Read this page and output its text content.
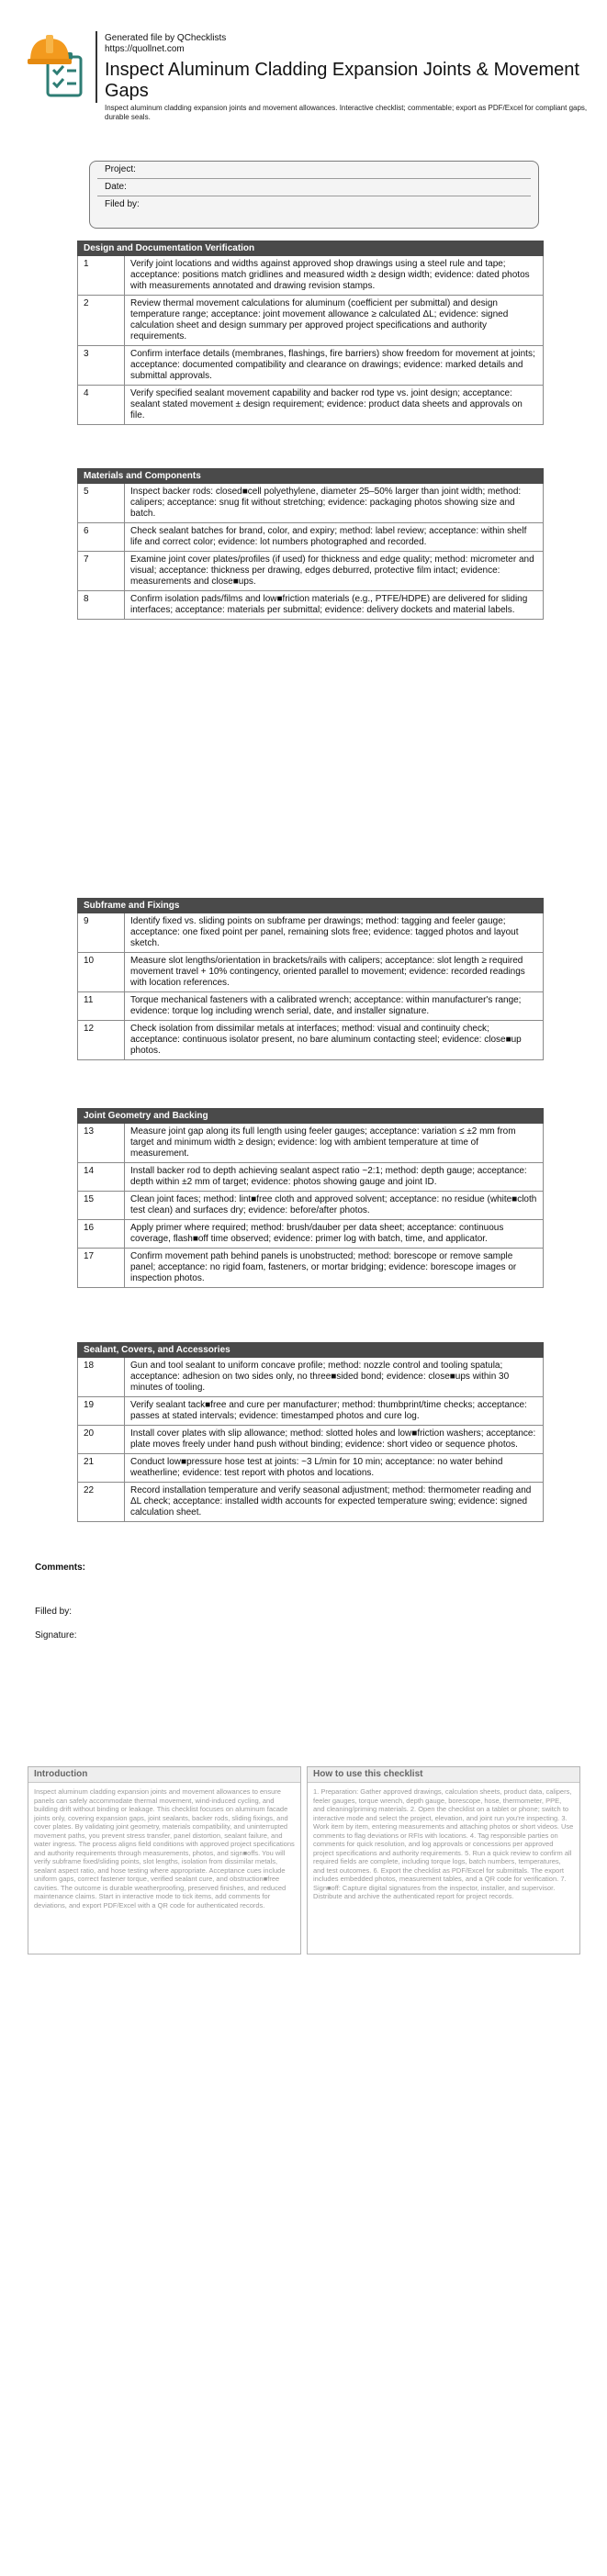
Generated file by QChecklists
https://quollnet.com
Inspect Aluminum Cladding Expansion Joints & Movement Gaps
Inspect aluminum cladding expansion joints and movement allowances. Interactive checklist; commentable; export as PDF/Excel for compliant gaps, durable seals.
Project:
Date:
Filed by:
Design and Documentation Verification
1	Verify joint locations and widths against approved shop drawings using a steel rule and tape; acceptance: positions match gridlines and measured width ≥ design width; evidence: dated photos with measurements annotated and drawing revision stamps.
2	Review thermal movement calculations for aluminum (coefficient per submittal) and design temperature range; acceptance: joint movement allowance ≥ calculated ΔL; evidence: signed calculation sheet and design summary per approved project specifications and authority requirements.
3	Confirm interface details (membranes, flashings, fire barriers) show freedom for movement at joints; acceptance: documented compatibility and clearance on drawings; evidence: marked details and submittal approvals.
4	Verify specified sealant movement capability and backer rod type vs. joint design; acceptance: sealant stated movement ± design requirement; evidence: product data sheets and approvals on file.
Materials and Components
5	Inspect backer rods: closed■cell polyethylene, diameter 25–50% larger than joint width; method: calipers; acceptance: snug fit without stretching; evidence: packaging photos showing size and batch.
6	Check sealant batches for brand, color, and expiry; method: label review; acceptance: within shelf life and correct color; evidence: lot numbers photographed and recorded.
7	Examine joint cover plates/profiles (if used) for thickness and edge quality; method: micrometer and visual; acceptance: thickness per drawing, edges deburred, protective film intact; evidence: measurements and close■ups.
8	Confirm isolation pads/films and low■friction materials (e.g., PTFE/HDPE) are delivered for sliding interfaces; acceptance: materials per submittal; evidence: delivery dockets and material labels.
Subframe and Fixings
9	Identify fixed vs. sliding points on subframe per drawings; method: tagging and feeler gauge; acceptance: one fixed point per panel, remaining slots free; evidence: tagged photos and layout sketch.
10	Measure slot lengths/orientation in brackets/rails with calipers; acceptance: slot length ≥ required movement travel + 10% contingency, oriented parallel to movement; evidence: recorded readings with location references.
11	Torque mechanical fasteners with a calibrated wrench; acceptance: within manufacturer's range; evidence: torque log including wrench serial, date, and installer signature.
12	Check isolation from dissimilar metals at interfaces; method: visual and continuity check; acceptance: continuous isolator present, no bare aluminum contacting steel; evidence: close■up photos.
Joint Geometry and Backing
13	Measure joint gap along its full length using feeler gauges; acceptance: variation ≤ ±2 mm from target and minimum width ≥ design; evidence: log with ambient temperature at time of measurement.
14	Install backer rod to depth achieving sealant aspect ratio ~2:1; method: depth gauge; acceptance: depth within ±2 mm of target; evidence: photos showing gauge and joint ID.
15	Clean joint faces; method: lint■free cloth and approved solvent; acceptance: no residue (white■cloth test clean) and surfaces dry; evidence: before/after photos.
16	Apply primer where required; method: brush/dauber per data sheet; acceptance: continuous coverage, flash■off time observed; evidence: primer log with batch, time, and applicator.
17	Confirm movement path behind panels is unobstructed; method: borescope or remove sample panel; acceptance: no rigid foam, fasteners, or mortar bridging; evidence: borescope images or inspection photos.
Sealant, Covers, and Accessories
18	Gun and tool sealant to uniform concave profile; method: nozzle control and tooling spatula; acceptance: adhesion on two sides only, no three■sided bond; evidence: close■ups within 30 minutes of tooling.
19	Verify sealant tack■free and cure per manufacturer; method: thumbprint/time checks; acceptance: passes at stated intervals; evidence: timestamped photos and cure log.
20	Install cover plates with slip allowance; method: slotted holes and low■friction washers; acceptance: plate moves freely under hand push without binding; evidence: short video or sequence photos.
21	Conduct low■pressure hose test at joints: ~3 L/min for 10 min; acceptance: no water behind weatherline; evidence: test report with photos and locations.
22	Record installation temperature and verify seasonal adjustment; method: thermometer reading and ΔL check; acceptance: installed width accounts for expected temperature swing; evidence: signed calculation sheet.
Comments:
Filled by:
Signature:
Introduction
Inspect aluminum cladding expansion joints and movement allowances to ensure panels can safely accommodate thermal movement, wind-induced cycling, and building drift without binding or leakage. This checklist focuses on aluminum facade joints only, covering expansion gaps, joint sealants, backer rods, sliding fixings, and cover plates. By validating joint geometry, materials compatibility, and uninterrupted movement paths, you prevent stress transfer, panel distortion, sealant failure, and water ingress. The process aligns field conditions with approved project specifications and authority requirements through measurements, photos, and sign■offs. You will verify subframe fixed/sliding points, slot lengths, isolation from dissimilar metals, sealant aspect ratio, and hose testing where appropriate. Acceptance cues include uniform gaps, correct fastener torque, verified sealant cure, and obstruction■free cavities. The outcome is durable weatherproofing, preserved finishes, and reduced maintenance claims. Start in interactive mode to tick items, add comments for deviations, and export PDF/Excel with a QR code for authenticated records.
How to use this checklist
1. Preparation: Gather approved drawings, calculation sheets, product data, calipers, feeler gauges, torque wrench, depth gauge, borescope, hose, thermometer, PPE, and cleaning/priming materials. 2. Open the checklist on a tablet or phone; switch to interactive mode and select the project, elevation, and joint run you're inspecting. 3. Work item by item, entering measurements and attaching photos or short videos. Use comments to flag deviations or RFIs with locations. 4. Tag responsible parties on comments for quick resolution, and log approvals or concessions per approved project specifications and authority requirements. 5. Run a quick review to confirm all required fields are complete, including torque logs, batch numbers, temperatures, and test outcomes. 6. Export the checklist as PDF/Excel for submittals. The export includes embedded photos, measurement tables, and a QR code for verification. 7. Sign■off: Capture digital signatures from the inspector, installer, and supervisor. Distribute and archive the authenticated report for project records.
